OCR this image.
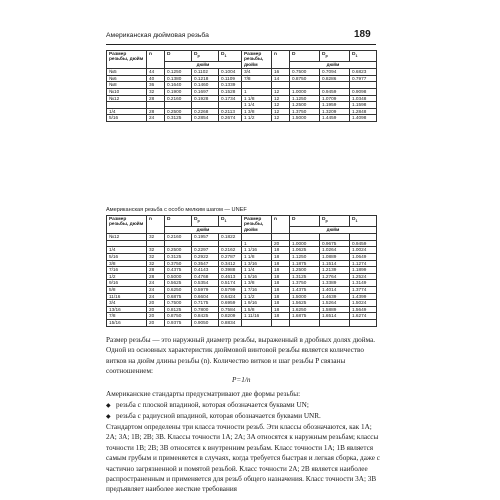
Американская дюймовая резьба	189
Размер резьбы, дюйм	n	D	$D_p$	$D_1$	Размер резьбы, дюйм	n	D	$D_p$	$D_1$
		дюйм					дюйм		
№5	44	0.1250	0.1102	0.1004	3/4	16	0.7500	0.7094	0.6823
№6	40	0.1380	0.1218	0.1109	7/8	14	0.8750	0.8286	0.7977
№8	36	0.1640	0.1460	0.1339					
№10	32	0.1900	0.1697	0.1528	1	12	1.0000	0.9459	0.9098
№12	28	0.2160	0.1928	0.1734	1 1/8	12	1.1250	1.0709	1.0348
					1 1/4	12	1.2500	1.1959	1.1598
1/4	28	0.2500	0.2268	0.2113	1 3/8	12	1.3750	1.3209	1.2848
5/16	24	0.3125	0.2854	0.2674	1 1/2	12	1.5000	1.4459	1.4098
Американская резьба с особо мелким шагом — UNEF
Размер резьбы, дюйм	n	D	$D_p$	$D_1$	Размер резьбы, дюйм	n	D	$D_p$	$D_1$
		дюйм					дюйм		
№12	32	0.2160	0.1957	0.1822					
					1	20	1.0000	0.9675	0.9459
1/4	32	0.2500	0.2297	0.2162	1 1/16	18	1.0625	1.0264	1.0024
5/16	32	0.3125	0.2922	0.2787	1 1/8	18	1.1250	1.0889	1.0649
3/8	32	0.3750	0.3547	0.3412	1 3/16	18	1.1875	1.1514	1.1274
7/16	28	0.4375	0.4143	0.3988	1 1/4	18	1.2500	1.2139	1.1899
1/2	28	0.5000	0.4768	0.4613	1 5/16	18	1.3125	1.2764	1.2524
9/16	24	0.5625	0.5354	0.5174	1 3/8	18	1.3750	1.3389	1.3149
5/8	24	0.6250	0.5979	0.5799	1 7/16	18	1.4375	1.4014	1.3774
11/16	24	0.6875	0.6604	0.6424	1 1/2	18	1.5000	1.4639	1.4399
3/4	20	0.7500	0.7175	0.6959	1 9/16	18	1.5625	1.5264	1.5024
13/16	20	0.8125	0.7800	0.7584	1 5/8	18	1.6250	1.5889	1.5649
7/8	20	0.8750	0.8425	0.8209	1 11/16	18	1.6875	1.6514	1.6274
15/16	20	0.9375	0.9050	0.8834					
Размер резьбы — это наружный диаметр резьбы, выраженный в дробных долях дюйма. Одной из основных характеристик дюймовой винтовой резьбы является количество витков на дюйм длины резьбы (n). Количество витков и шаг резьбы P связаны соотношением:
P=1/n
Американские стандарты предусматривают две формы резьбы:
◆ резьба с плоской впадиной, которая обозначается буквами UN;
◆ резьба с радиусной впадиной, которая обозначается буквами UNR.
Стандартом определены три класса точности резьб. Эти классы обозначаются, как 1A; 2A; 3A; 1B; 2B; 3B. Классы точности 1A; 2A; 3A относятся к наружным резьбам; классы точности 1B; 2B; 3B относятся к внутренним резьбам. Класс точности 1A; 1B является самым грубым и применяется в случаях, когда требуется быстрая и легкая сборка, даже с частично загрязненной и помятой резьбой. Класс точности 2A; 2B является наиболее распространенным и применяется для резьб общего назначения. Класс точности 3A; 3B предъявляет наиболее жесткие требования
